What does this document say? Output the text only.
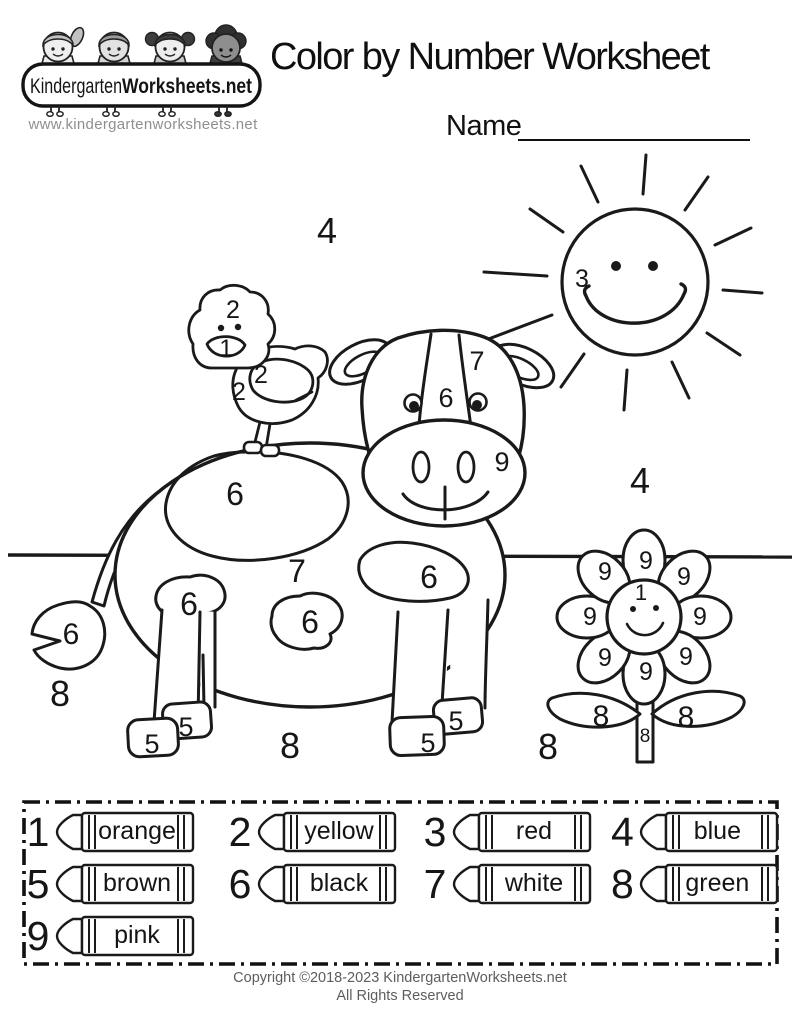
KindergartenWorksheets.net
www.kindergartenworksheets.net
Color by Number Worksheet
Name
4
4
3
2
1
2
2
7
6
9
6
7	6
6	6
6
5
5
5
5
8
8	8
9
9
9
9
9
9
9
9
1
8 8
8
1 orange 2	yellow 3	red	4	blue
5	brown 6	black	7	white	8	green
9	pink
Copyright ©2018-2023 KindergartenWorksheets.net
All Rights Reserved
